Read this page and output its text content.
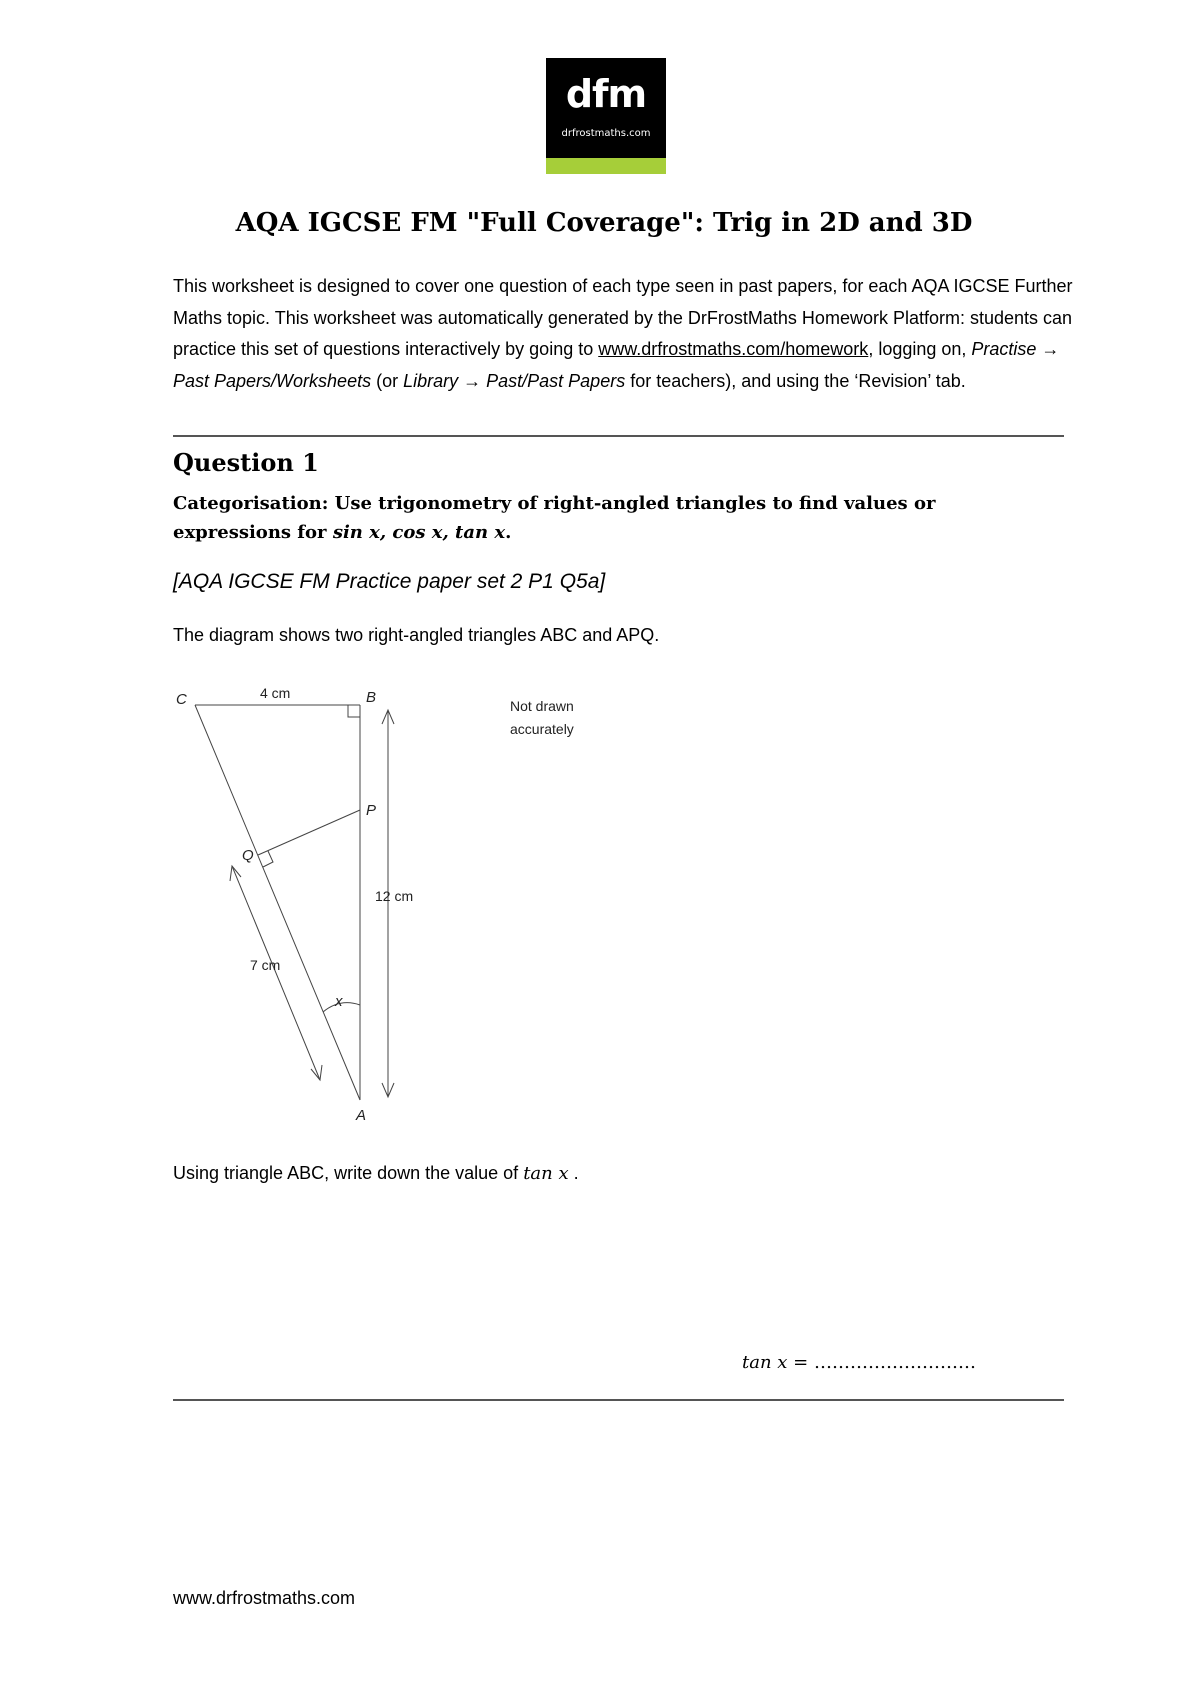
dfm
drfrostmaths.com
AQA IGCSE FM "Full Coverage": Trig in 2D and 3D
This worksheet is designed to cover one question of each type seen in past papers, for each AQA IGCSE Further Maths topic. This worksheet was automatically generated by the DrFrostMaths Homework Platform: students can practice this set of questions interactively by going to www.drfrostmaths.com/homework, logging on, Practise → Past Papers/Worksheets (or Library → Past/Past Papers for teachers), and using the ‘Revision’ tab.
Question 1
Categorisation: Use trigonometry of right-angled triangles to find values or expressions for sin x, cos x, tan x.
[AQA IGCSE FM Practice paper set 2 P1 Q5a]
The diagram shows two right-angled triangles ABC and APQ.
C	4 cm	B
P
Q
12 cm
7 cm
x
A
Not drawn
accurately
Using triangle ABC, write down the value of tan x .
tan x = ………………………
www.drfrostmaths.com
